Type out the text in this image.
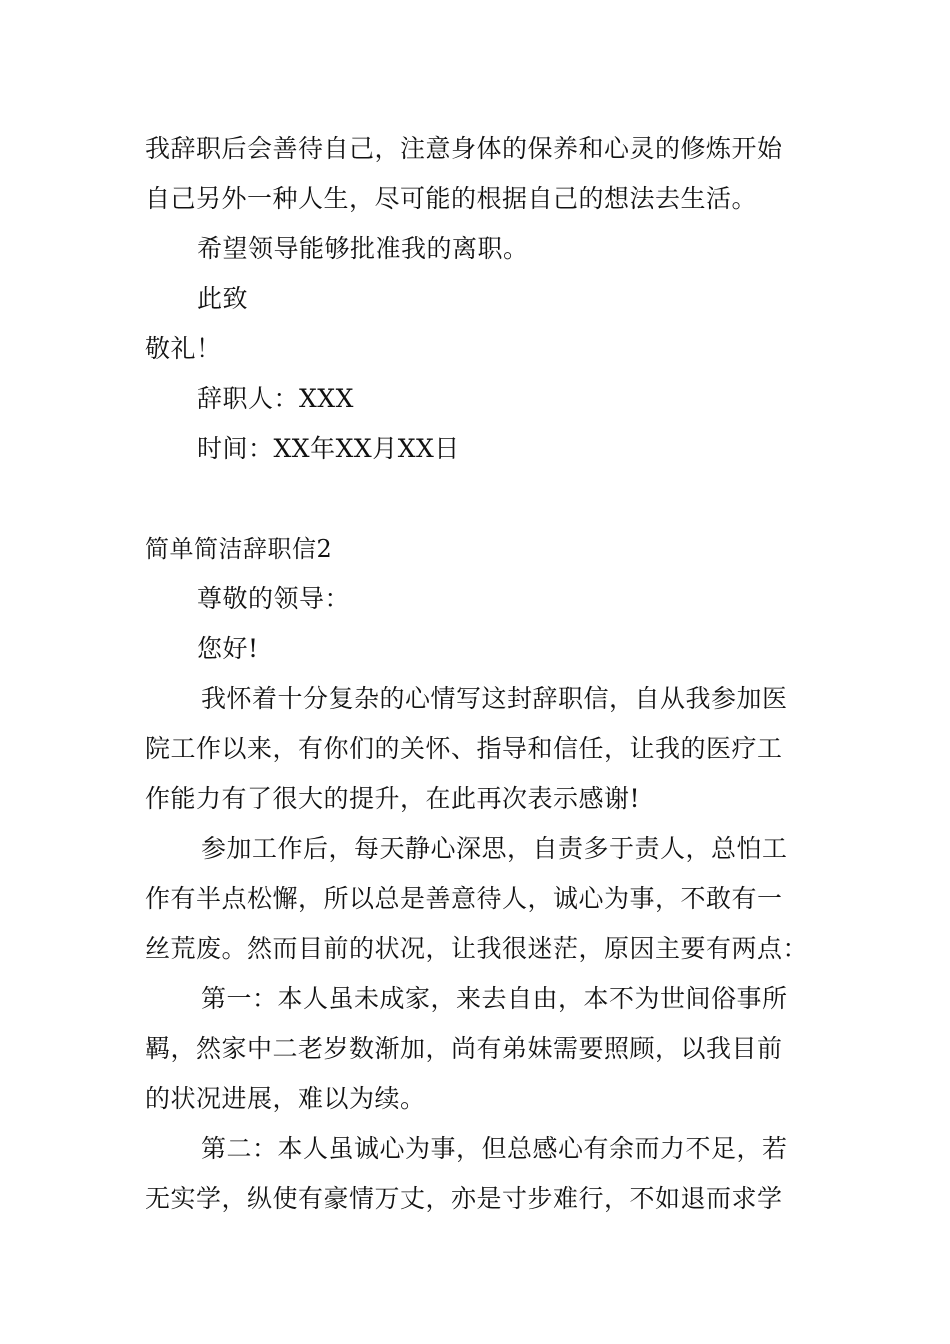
我辞职后会善待自己，注意身体的保养和心灵的修炼开始
自己另外一种人生，尽可能的根据自己的想法去生活。
希望领导能够批准我的离职。
此致
敬礼！
辞职人：XXX
时间：XX年XX月XX日
简单简洁辞职信2
尊敬的领导：
您好!
我怀着十分复杂的心情写这封辞职信，自从我参加医
院工作以来，有你们的关怀、指导和信任，让我的医疗工
作能力有了很大的提升，在此再次表示感谢!
参加工作后，每天静心深思，自责多于责人，总怕工
作有半点松懈，所以总是善意待人，诚心为事，不敢有一
丝荒废。然而目前的状况，让我很迷茫，原因主要有两点：
第一：本人虽未成家，来去自由，本不为世间俗事所
羁，然家中二老岁数渐加，尚有弟妹需要照顾，以我目前
的状况进展，难以为续。
第二：本人虽诚心为事，但总感心有余而力不足，若
无实学，纵使有豪情万丈，亦是寸步难行，不如退而求学
